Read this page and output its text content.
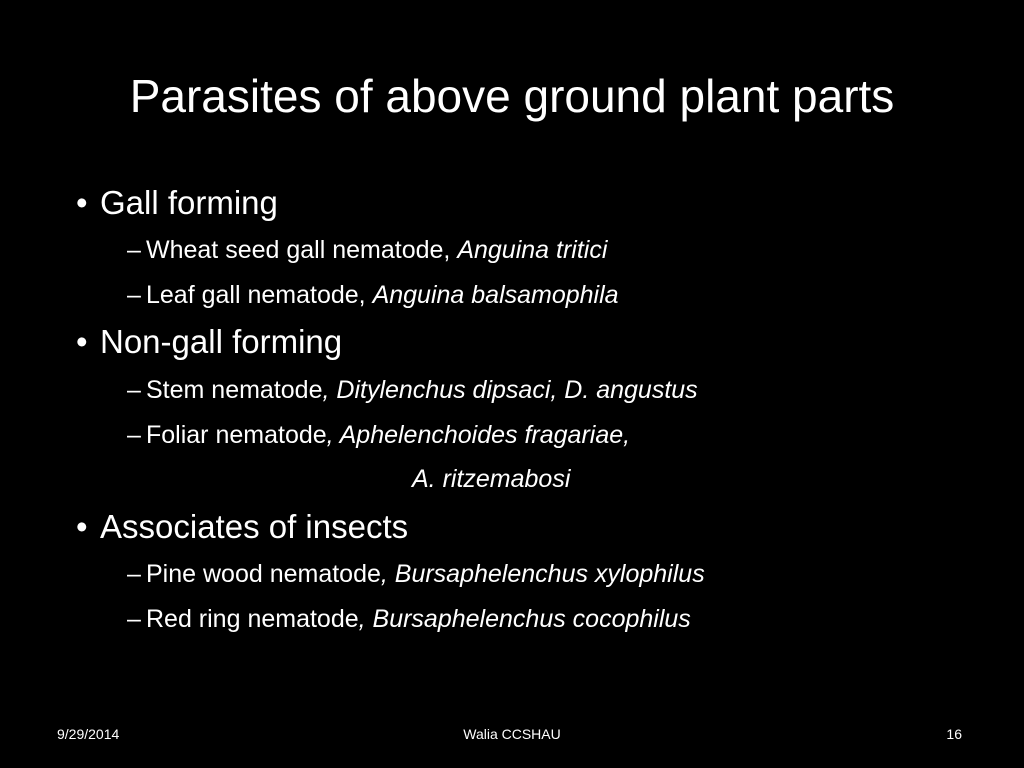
Parasites of above ground plant parts
• Gall forming
– Wheat seed gall nematode, Anguina tritici
– Leaf gall nematode, Anguina balsamophila
• Non-gall forming
– Stem nematode, Ditylenchus dipsaci, D. angustus
– Foliar nematode, Aphelenchoides fragariae,
A. ritzemabosi
• Associates of insects
– Pine wood nematode, Bursaphelenchus xylophilus
– Red ring nematode, Bursaphelenchus cocophilus
9/29/2014	Walia CCSHAU	16
